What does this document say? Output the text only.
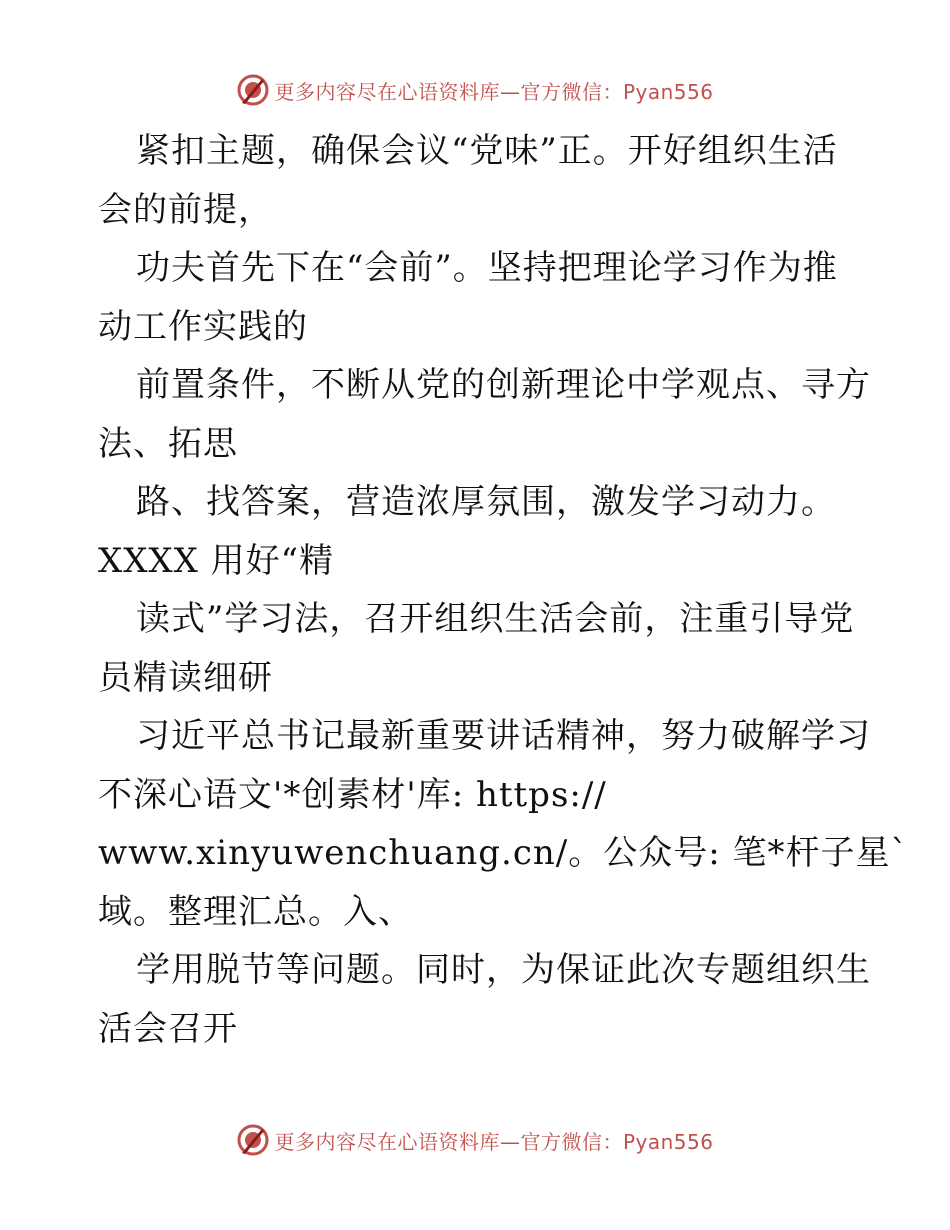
更多内容尽在心语资料库—官方微信：Pyan556
紧扣主题，确保会议“党味”正。开好组织生活
会的前提，
功夫首先下在“会前”。坚持把理论学习作为推
动工作实践的
前置条件，不断从党的创新理论中学观点、寻方
法、拓思
路、找答案，营造浓厚氛围，激发学习动力。
XXXX 用好“精
读式”学习法，召开组织生活会前，注重引导党
员精读细研
习近平总书记最新重要讲话精神，努力破解学习
不深心语文'*创素材'库: https://
www.xinyuwenchuang.cn/。公众号: 笔*杆子星`
域。整理汇总。入、
学用脱节等问题。同时，为保证此次专题组织生
活会召开
更多内容尽在心语资料库—官方微信：Pyan556
